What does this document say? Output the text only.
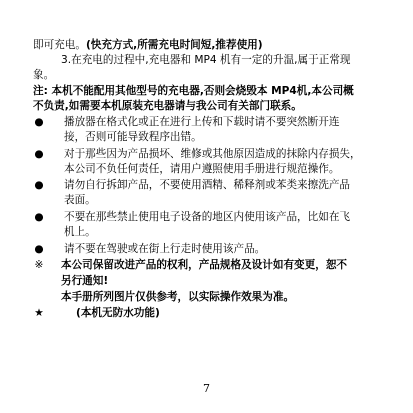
即可充电。(快充方式,所需充电时间短,推荐使用)
3.在充电的过程中,充电器和 MP4 机有一定的升温,属于正常现
象。
注: 本机不能配用其他型号的充电器,否则会烧毁本 MP4机,本公司概
不负责,如需要本机原装充电器请与我公司有关部门联系。
● 播放器在格式化或正在进行上传和下载时请不要突然断开连
接，否则可能导致程序出错。
● 对于那些因为产品损坏、维修或其他原因造成的抹除内存损失，
本公司不负任何责任，请用户遵照使用手册进行规范操作。
● 请勿自行拆卸产品，不要使用酒精、稀释剂或苯类来擦洗产品
表面。
● 不要在那些禁止使用电子设备的地区内使用该产品，比如在飞
机上。
● 请不要在驾驶或在街上行走时使用该产品。
※ 本公司保留改进产品的权利，产品规格及设计如有变更，恕不
另行通知!
本手册所列图片仅供参考，以实际操作效果为准。
★	(本机无防水功能)
7
